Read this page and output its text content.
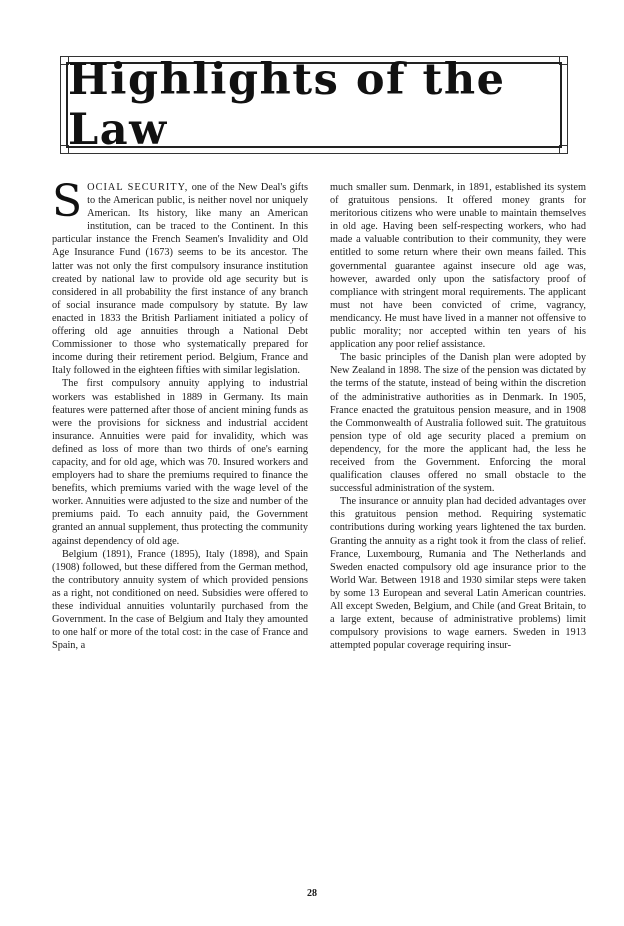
Highlights of the Law

SOCIAL SECURITY, one of the New Deal's gifts to the American public, is neither novel nor uniquely American. Its history, like many an American institution, can be traced to the Continent. In this particular instance the French Seamen's Invalidity and Old Age Insurance Fund (1673) seems to be its ancestor. The latter was not only the first compulsory insurance institution created by national law to provide old age security but is considered in all probability the first instance of any branch of social insurance made compulsory by statute. By law enacted in 1833 the British Parliament initiated a policy of offering old age annuities through a National Debt Commissioner to those who systematically prepared for income during their retirement period. Belgium, France and Italy followed in the eighteen fifties with similar legislation.

The first compulsory annuity applying to industrial workers was established in 1889 in Germany. Its main features were patterned after those of ancient mining funds as were the provisions for sickness and industrial accident insurance. Annuities were paid for invalidity, which was defined as loss of more than two thirds of one's earning capacity, and for old age, which was 70. Insured workers and employers had to share the premiums required to finance the benefits, which premiums varied with the wage level of the worker. Annuities were adjusted to the size and number of the premiums paid. To each annuity paid, the Government granted an annual supplement, thus protecting the community against dependency of old age.

Belgium (1891), France (1895), Italy (1898), and Spain (1908) followed, but these differed from the German method, the contributory annuity system of which provided pensions as a right, not conditioned on need. Subsidies were offered to these individual annuities voluntarily purchased from the Government. In the case of Belgium and Italy they amounted to one half or more of the total cost: in the case of France and Spain, a

much smaller sum. Denmark, in 1891, established its system of gratuitous pensions. It offered money grants for meritorious citizens who were unable to maintain themselves in old age. Having been self-respecting workers, who had made a valuable contribution to their community, they were entitled to some return where their own means failed. This governmental guarantee against insecure old age was, however, awarded only upon the satisfactory proof of compliance with stringent moral requirements. The applicant must not have been convicted of crime, vagrancy, mendicancy. He must have lived in a manner not offensive to public morality; nor accepted within ten years of his application any poor relief assistance.

The basic principles of the Danish plan were adopted by New Zealand in 1898. The size of the pension was dictated by the terms of the statute, instead of being within the discretion of the administrative authorities as in Denmark. In 1905, France enacted the gratuitous pension measure, and in 1908 the Commonwealth of Australia followed suit. The gratuitous pension type of old age security placed a premium on dependency, for the more the applicant had, the less he received from the Government. Enforcing the moral qualification clauses offered no small obstacle to the successful administration of the system.

The insurance or annuity plan had decided advantages over this gratuitous pension method. Requiring systematic contributions during working years lightened the tax burden. Granting the annuity as a right took it from the class of relief. France, Luxembourg, Rumania and The Netherlands and Sweden enacted compulsory old age insurance prior to the World War. Between 1918 and 1930 similar steps were taken by some 13 European and several Latin American countries. All except Sweden, Belgium, and Chile (and Great Britain, to a large extent, because of administrative problems) limit compulsory provisions to wage earners. Sweden in 1913 attempted popular coverage requiring insur-

28
